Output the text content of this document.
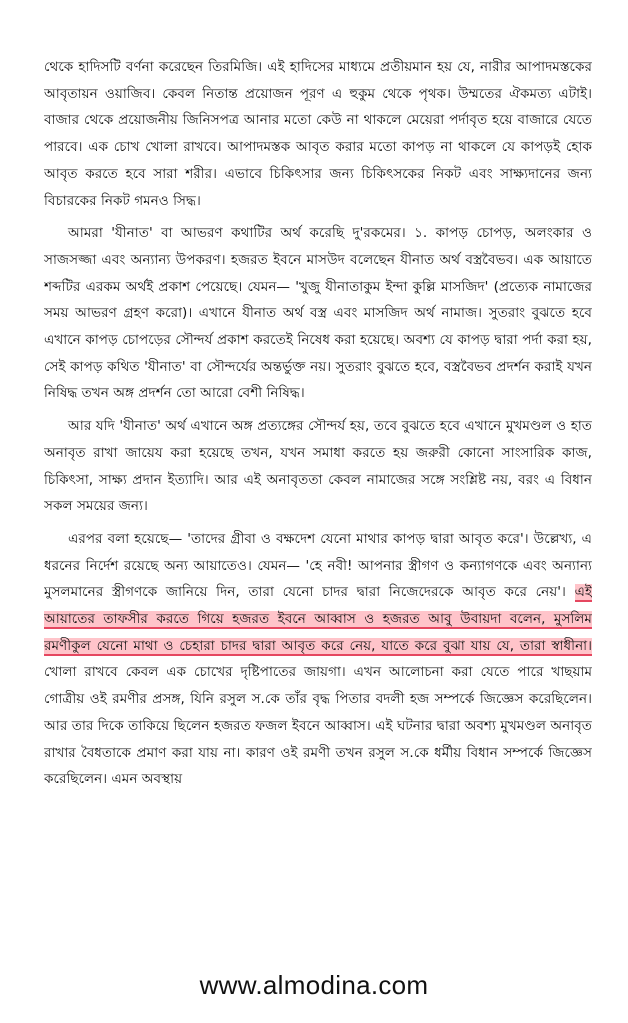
থেকে হাদিসটি বর্ণনা করেছেন তিরমিজি। এই হাদিসের মাধ্যমে প্রতীয়মান হয় যে, নারীর আপাদমস্তকের আবৃতায়ন ওয়াজিব। কেবল নিতান্ত প্রয়োজন পূরণ এ হুকুম থেকে পৃথক। উম্মতের ঐকমত্য এটাই। বাজার থেকে প্রয়োজনীয় জিনিসপত্র আনার মতো কেউ না থাকলে মেয়েরা পর্দাবৃত হয়ে বাজারে যেতে পারবে। এক চোখ খোলা রাখবে। আপাদমস্তক আবৃত করার মতো কাপড় না থাকলে যে কাপড়ই হোক আবৃত করতে হবে সারা শরীর। এভাবে চিকিৎসার জন্য চিকিৎসকের নিকট এবং সাক্ষ্যদানের জন্য বিচারকের নিকট গমনও সিদ্ধ।

আমরা 'যীনাত' বা আভরণ কথাটির অর্থ করেছি দু'রকমের। ১. কাপড় চোপড়, অলংকার ও সাজসজ্জা এবং অন্যান্য উপকরণ। হজরত ইবনে মাসউদ বলেছেন যীনাত অর্থ বস্ত্রবৈভব। এক আয়াতে শব্দটির এরকম অর্থই প্রকাশ পেয়েছে। যেমন— 'খুজু যীনাতাকুম ইন্দা কুল্লি মাসজিদ' (প্রত্যেক নামাজের সময় আভরণ গ্রহণ করো)। এখানে যীনাত অর্থ বস্ত্র এবং মাসজিদ অর্থ নামাজ। সুতরাং বুঝতে হবে এখানে কাপড় চোপড়ের সৌন্দর্য প্রকাশ করতেই নিষেধ করা হয়েছে। অবশ্য যে কাপড় দ্বারা পর্দা করা হয়, সেই কাপড় কথিত 'যীনাত' বা সৌন্দর্যের অন্তর্ভুক্ত নয়। সুতরাং বুঝতে হবে, বস্ত্রবৈভব প্রদর্শন করাই যখন নিষিদ্ধ তখন অঙ্গ প্রদর্শন তো আরো বেশী নিষিদ্ধ।

আর যদি 'যীনাত' অর্থ এখানে অঙ্গ প্রত্যঙ্গের সৌন্দর্য হয়, তবে বুঝতে হবে এখানে মুখমণ্ডল ও হাত অনাবৃত রাখা জায়েয করা হয়েছে তখন, যখন সমাধা করতে হয় জরুরী কোনো সাংসারিক কাজ, চিকিৎসা, সাক্ষ্য প্রদান ইত্যাদি। আর এই অনাবৃততা কেবল নামাজের সঙ্গে সংশ্লিষ্ট নয়, বরং এ বিধান সকল সময়ের জন্য।

এরপর বলা হয়েছে— 'তাদের গ্রীবা ও বক্ষদেশ যেনো মাথার কাপড় দ্বারা আবৃত করে'। উল্লেখ্য, এ ধরনের নির্দেশ রয়েছে অন্য আয়াতেও। যেমন— 'হে নবী! আপনার স্ত্রীগণ ও কন্যাগণকে এবং অন্যান্য মুসলমানের স্ত্রীগণকে জানিয়ে দিন, তারা যেনো চাদর দ্বারা নিজেদেরকে আবৃত করে নেয়'। এই আয়াতের তাফসীর করতে গিয়ে হজরত ইবনে আব্বাস ও হজরত আবু উবায়দা বলেন, মুসলিম রমণীকুল যেনো মাথা ও চেহারা চাদর দ্বারা আবৃত করে নেয়, যাতে করে বুঝা যায় যে, তারা স্বাধীনা। খোলা রাখবে কেবল এক চোখের দৃষ্টিপাতের জায়গা। এখন আলোচনা করা যেতে পারে খাছয়াম গোত্রীয় ওই রমণীর প্রসঙ্গ, যিনি রসুল স.কে তাঁর বৃদ্ধ পিতার বদলী হজ সম্পর্কে জিজ্ঞেস করেছিলেন। আর তার দিকে তাকিয়ে ছিলেন হজরত ফজল ইবনে আব্বাস। এই ঘটনার দ্বারা অবশ্য মুখমণ্ডল অনাবৃত রাখার বৈধতাকে প্রমাণ করা যায় না। কারণ ওই রমণী তখন রসুল স.কে ধর্মীয় বিধান সম্পর্কে জিজ্ঞেস করেছিলেন। এমন অবস্থায়

www.almodina.com
